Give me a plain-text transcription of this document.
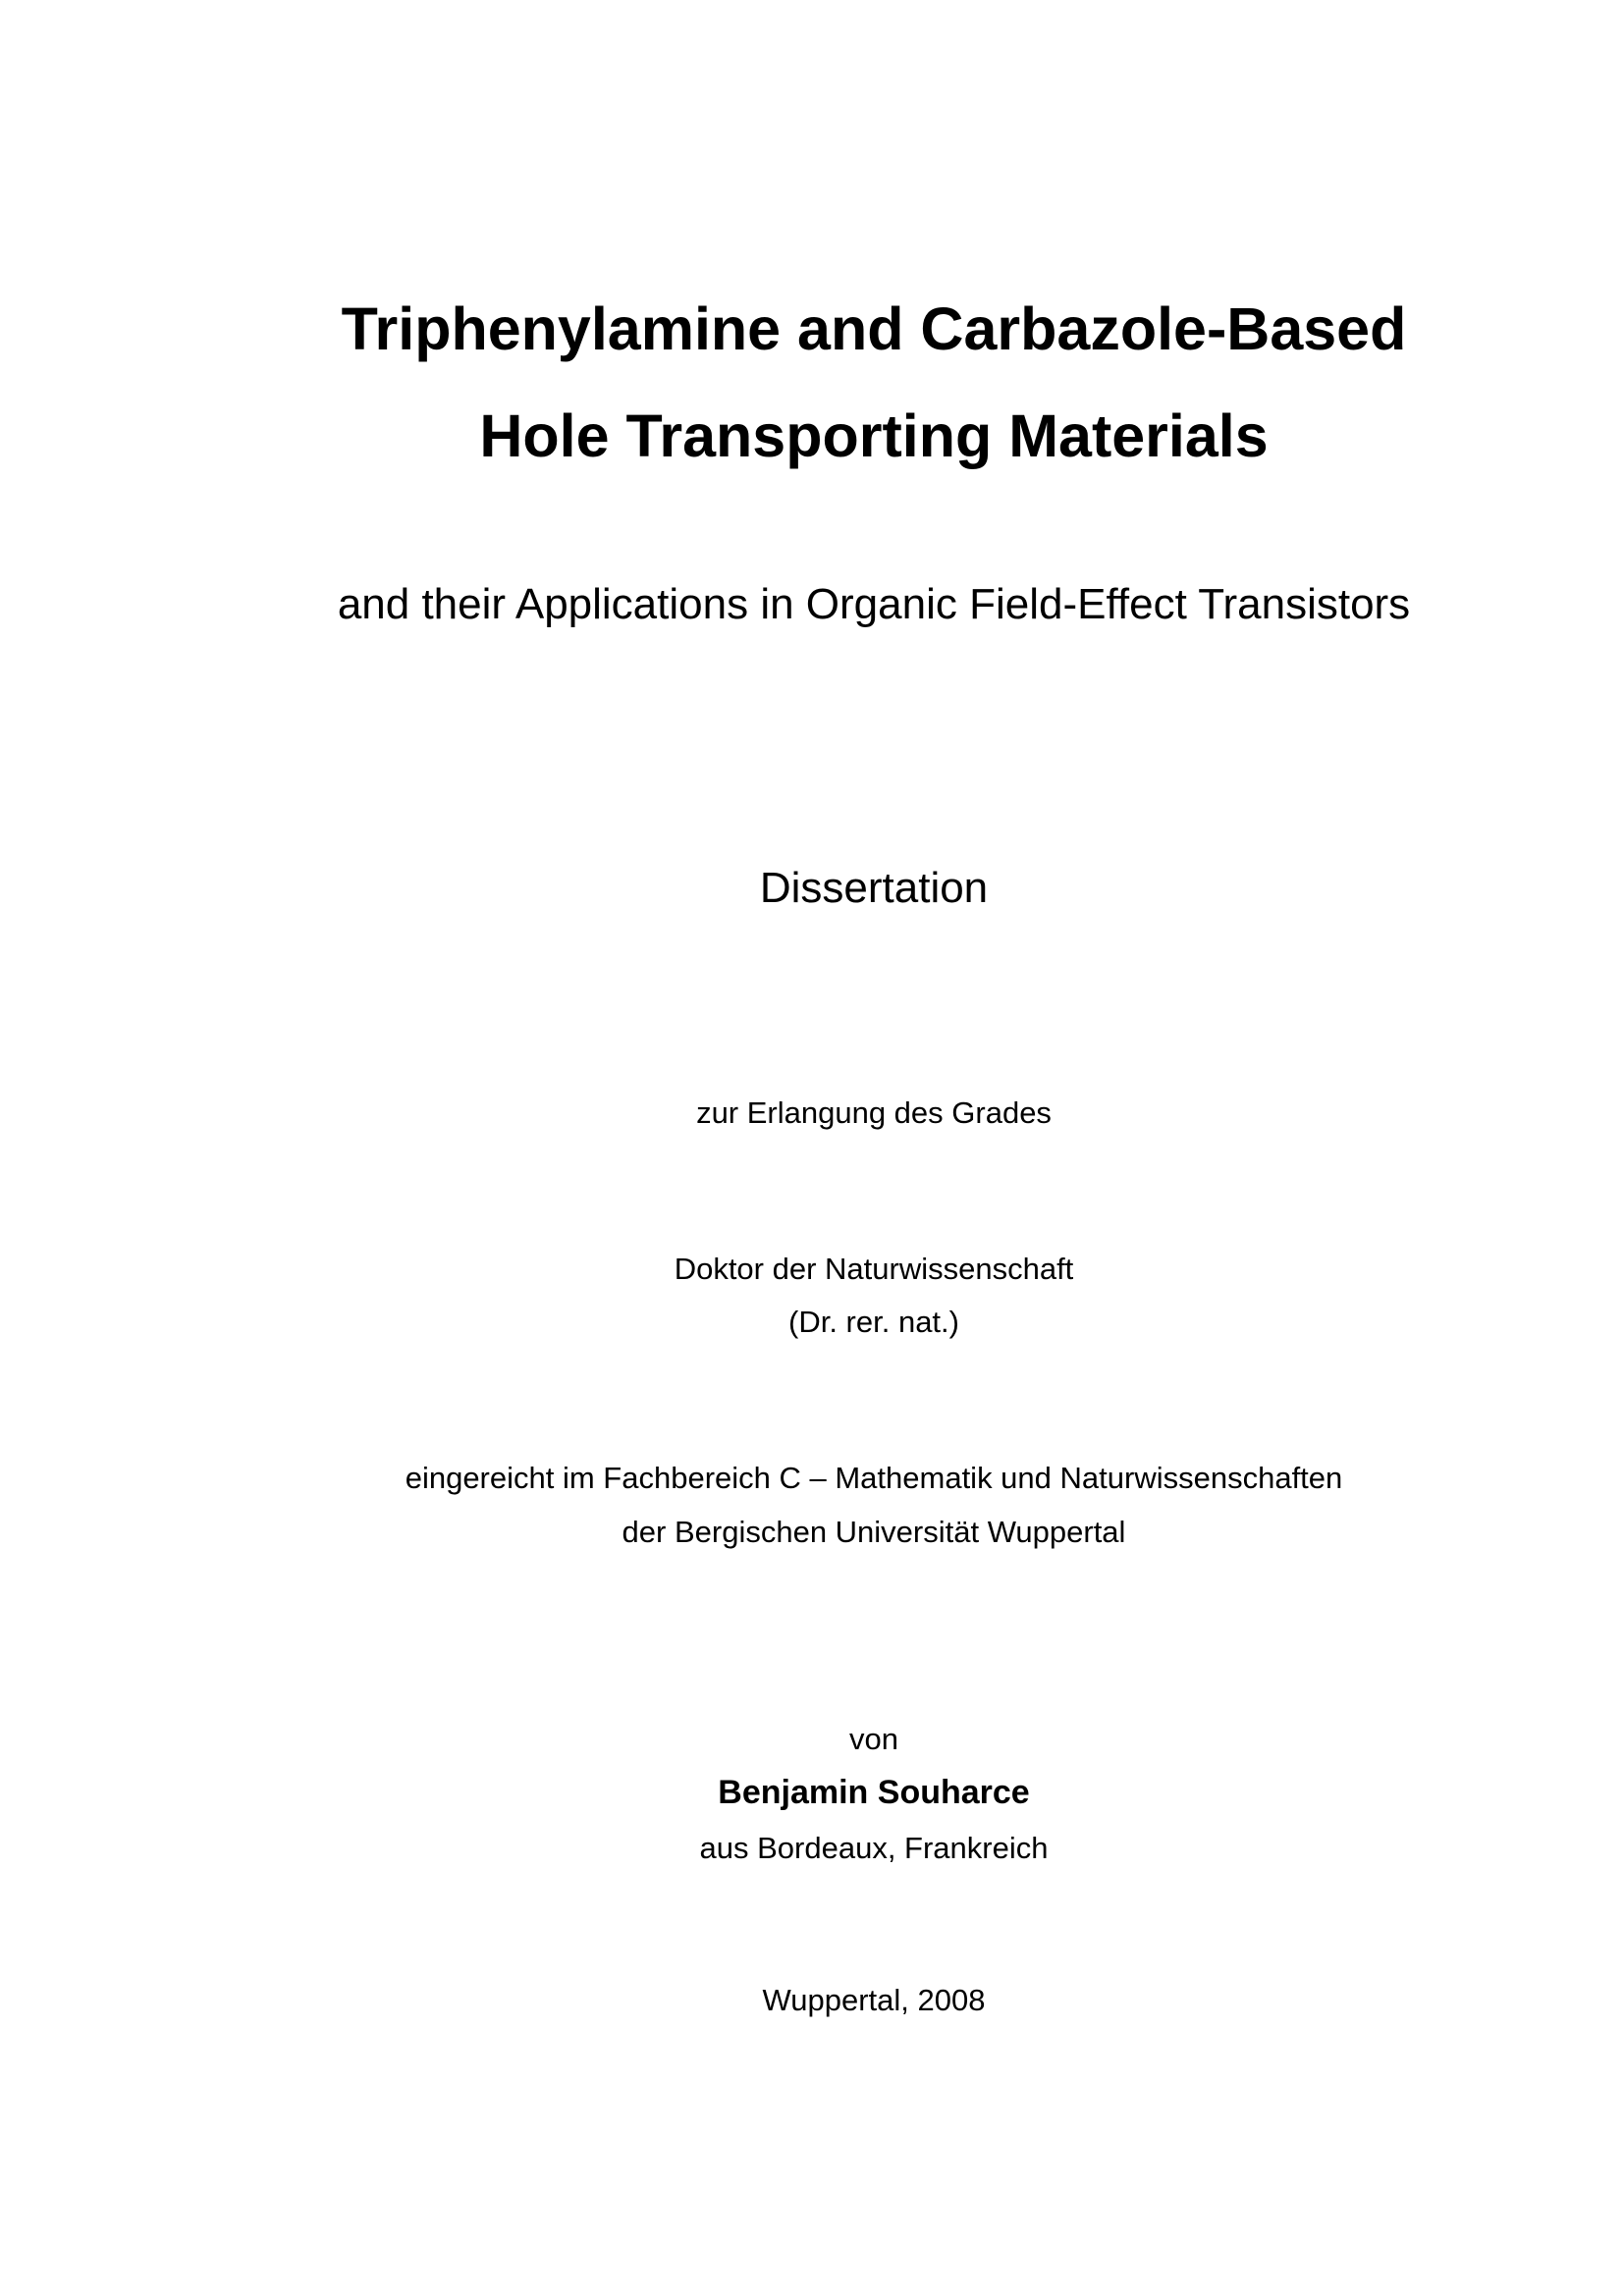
Triphenylamine and Carbazole-Based
Hole Transporting Materials
and their Applications in Organic Field-Effect Transistors
Dissertation
zur Erlangung des Grades
Doktor der Naturwissenschaft
(Dr. rer. nat.)
eingereicht im Fachbereich C – Mathematik und Naturwissenschaften
der Bergischen Universität Wuppertal
von
Benjamin Souharce
aus Bordeaux, Frankreich
Wuppertal, 2008
